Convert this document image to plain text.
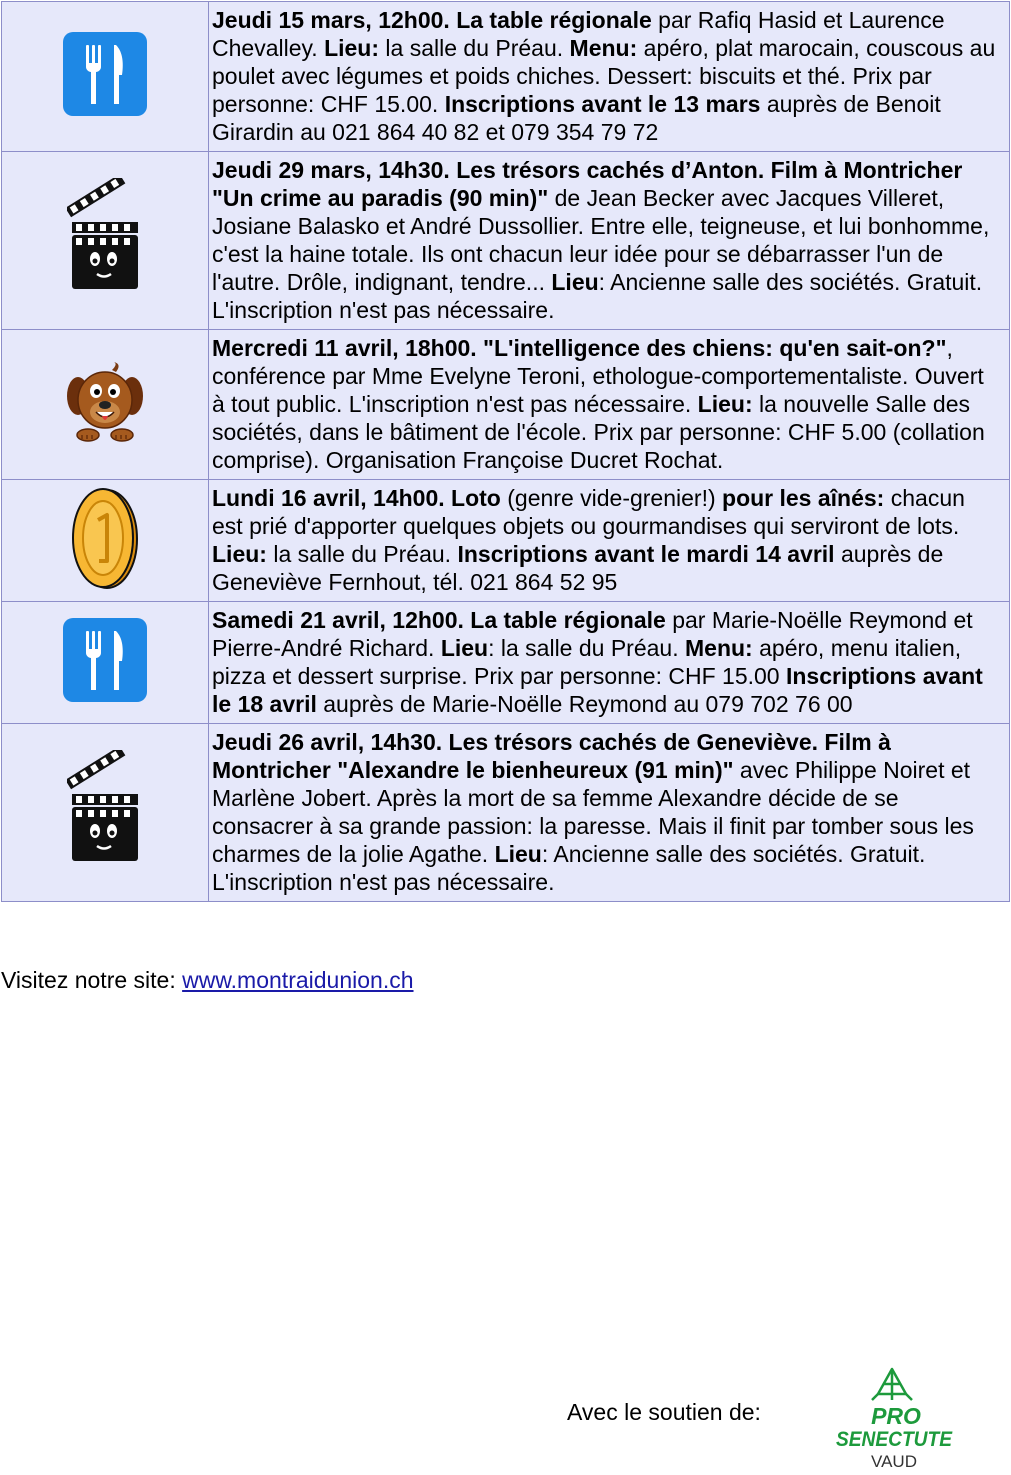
	Jeudi 15 mars, 12h00. La table régionale par Rafiq Hasid et Laurence Chevalley. Lieu: la salle du Préau. Menu: apéro, plat marocain, couscous au poulet avec légumes et poids chiches. Dessert: biscuits et thé. Prix par personne: CHF 15.00. Inscriptions avant le 13 mars auprès de Benoit Girardin au 021 864 40 82 et 079 354 79 72
	Jeudi 29 mars, 14h30. Les trésors cachés d’Anton. Film à Montricher "Un crime au paradis (90 min)" de Jean Becker avec Jacques Villeret, Josiane Balasko et André Dussollier. Entre elle, teigneuse, et lui bonhomme, c'est la haine totale. Ils ont chacun leur idée pour se débarrasser l'un de l'autre. Drôle, indignant, tendre... Lieu: Ancienne salle des sociétés. Gratuit. L'inscription n'est pas nécessaire.
	Mercredi 11 avril, 18h00. "L'intelligence des chiens: qu'en sait-on?", conférence par Mme Evelyne Teroni, ethologue-comportementaliste. Ouvert à tout public. L'inscription n'est pas nécessaire. Lieu: la nouvelle Salle des sociétés, dans le bâtiment de l'école. Prix par personne: CHF 5.00 (collation comprise). Organisation Françoise Ducret Rochat.
	Lundi 16 avril, 14h00. Loto (genre vide-grenier!) pour les aînés: chacun est prié d'apporter quelques objets ou gourmandises qui serviront de lots. Lieu: la salle du Préau. Inscriptions avant le mardi 14 avril auprès de Geneviève Fernhout, tél. 021 864 52 95
	Samedi 21 avril, 12h00. La table régionale par Marie-Noëlle Reymond et Pierre-André Richard. Lieu: la salle du Préau. Menu: apéro, menu italien, pizza et dessert surprise. Prix par personne: CHF 15.00 Inscriptions avant le 18 avril auprès de Marie-Noëlle Reymond au 079 702 76 00
	Jeudi 26 avril, 14h30. Les trésors cachés de Geneviève. Film à Montricher "Alexandre le bienheureux (91 min)" avec Philippe Noiret et Marlène Jobert. Après la mort de sa femme Alexandre décide de se consacrer à sa grande passion: la paresse. Mais il finit par tomber sous les charmes de la jolie Agathe. Lieu: Ancienne salle des sociétés. Gratuit. L'inscription n'est pas nécessaire.
Visitez notre site: www.montraidunion.ch
Avec le soutien de:	PRO
SENECTUTE
VAUD
